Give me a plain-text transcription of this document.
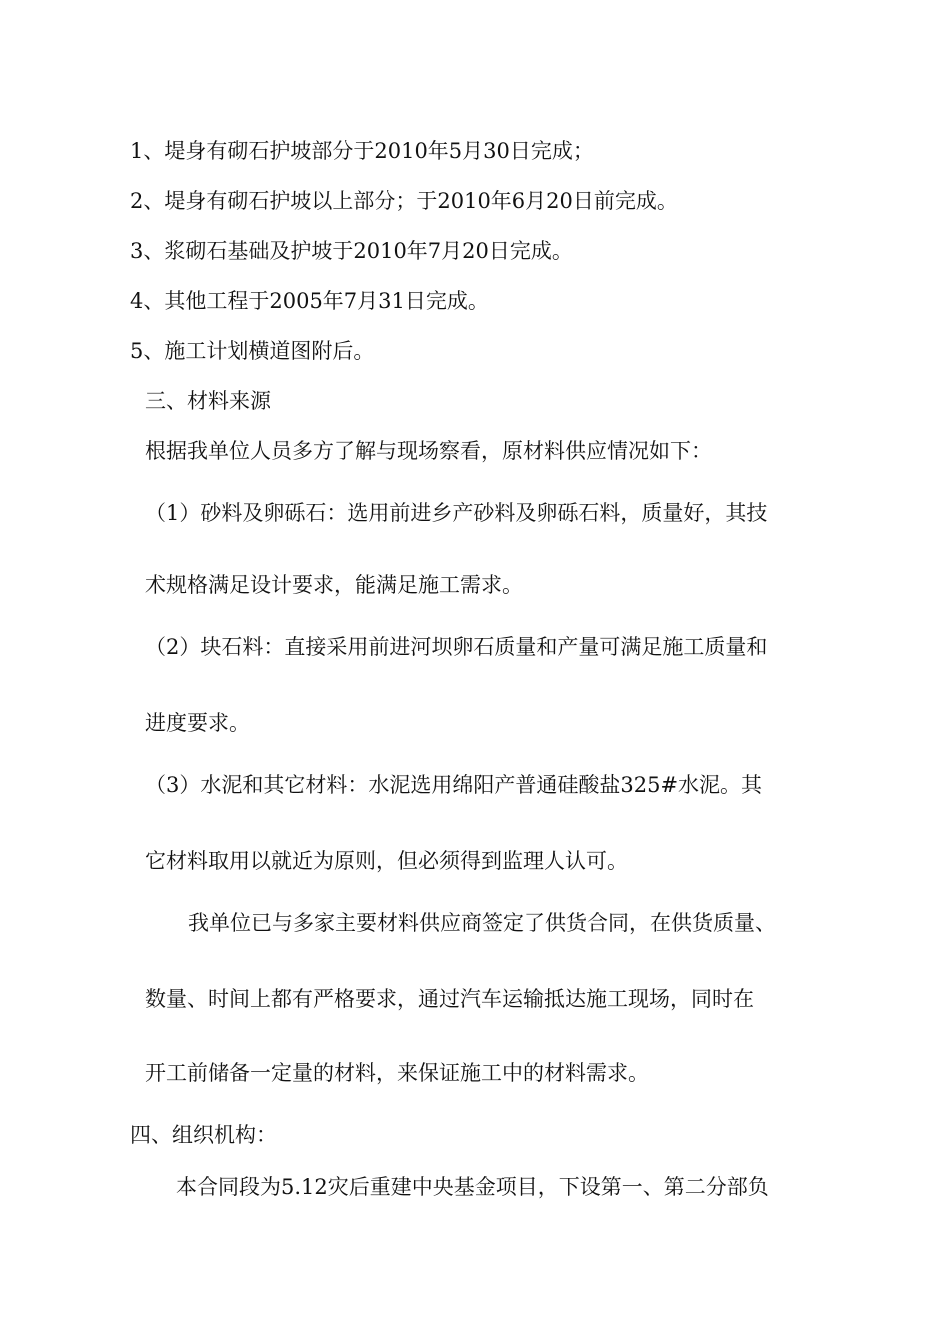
1、堤身有砌石护坡部分于2010年5月30日完成；

2、堤身有砌石护坡以上部分；于2010年6月20日前完成。

3、浆砌石基础及护坡于2010年7月20日完成。

4、其他工程于2005年7月31日完成。

5、施工计划横道图附后。

三、材料来源

根据我单位人员多方了解与现场察看，原材料供应情况如下：

（1）砂料及卵砾石：选用前进乡产砂料及卵砾石料，质量好，其技

术规格满足设计要求，能满足施工需求。

（2）块石料：直接采用前进河坝卵石质量和产量可满足施工质量和

进度要求。

（3）水泥和其它材料：水泥选用绵阳产普通硅酸盐325#水泥。其

它材料取用以就近为原则，但必须得到监理人认可。

我单位已与多家主要材料供应商签定了供货合同，在供货质量、

数量、时间上都有严格要求，通过汽车运输抵达施工现场，同时在

开工前储备一定量的材料，来保证施工中的材料需求。

四、组织机构：

本合同段为5.12灾后重建中央基金项目，下设第一、第二分部负
